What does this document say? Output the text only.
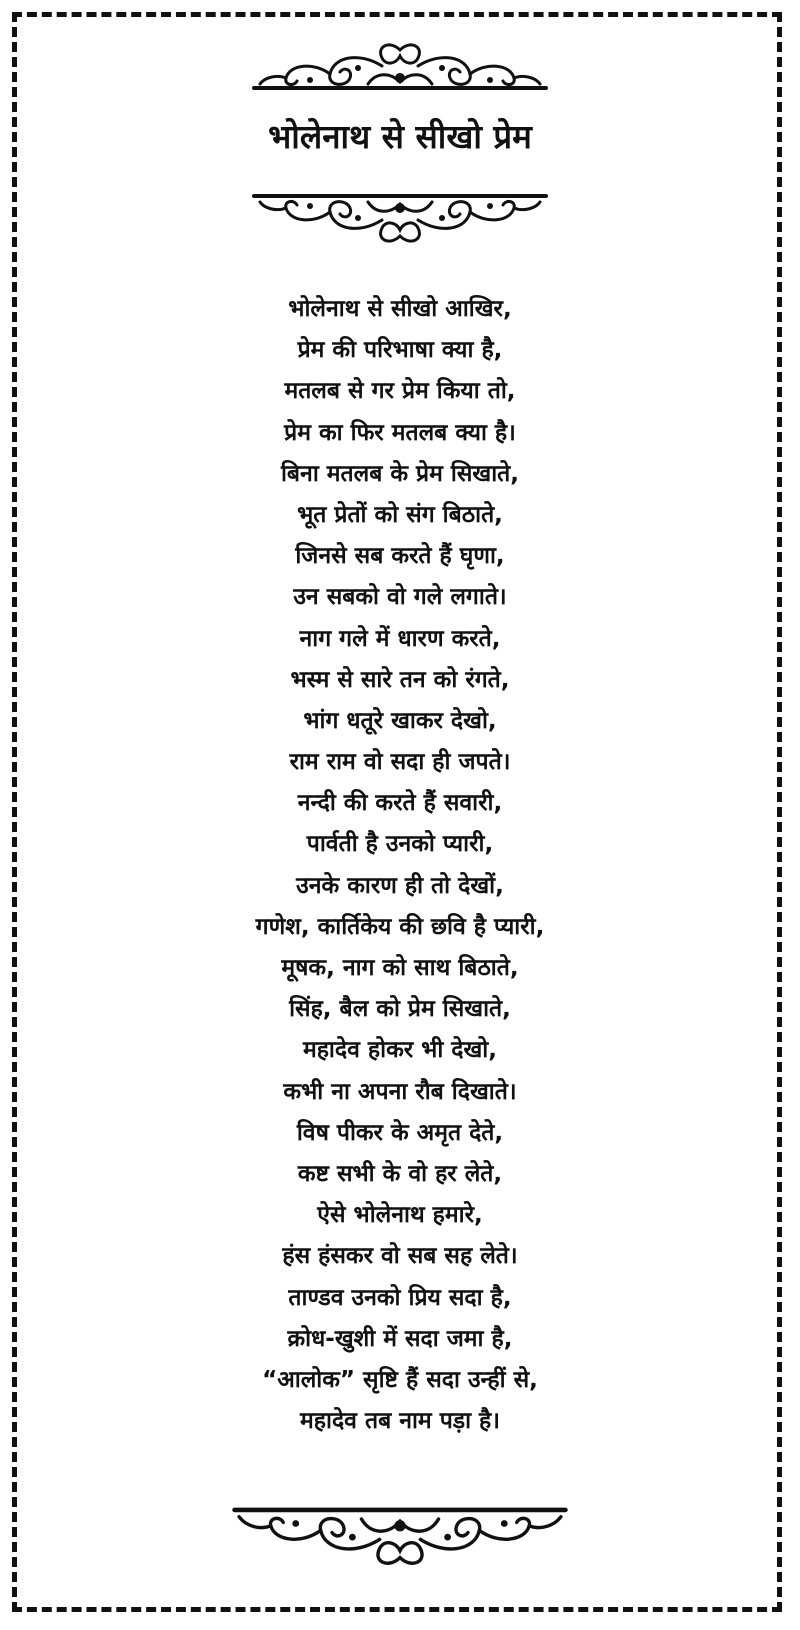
भोलेनाथ से सीखो प्रेम
भोलेनाथ से सीखो आखिर,
प्रेम की परिभाषा क्या है,
मतलब से गर प्रेम किया तो,
प्रेम का फिर मतलब क्या है।
बिना मतलब के प्रेम सिखाते,
भूत प्रेतों को संग बिठाते,
जिनसे सब करते हैं घृणा,
उन सबको वो गले लगाते।
नाग गले में धारण करते,
भस्म से सारे तन को रंगते,
भांग धतूरे खाकर देखो,
राम राम वो सदा ही जपते।
नन्दी की करते हैं सवारी,
पार्वती है उनको प्यारी,
उनके कारण ही तो देखों,
गणेश, कार्तिकेय की छवि है प्यारी,
मूषक, नाग को साथ बिठाते,
सिंह, बैल को प्रेम सिखाते,
महादेव होकर भी देखो,
कभी ना अपना रौब दिखाते।
विष पीकर के अमृत देते,
कष्ट सभी के वो हर लेते,
ऐसे भोलेनाथ हमारे,
हंस हंसकर वो सब सह लेते।
ताण्डव उनको प्रिय सदा है,
क्रोध-खुशी में सदा जमा है,
“आलोक” सृष्टि हैं सदा उन्हीं से,
महादेव तब नाम पड़ा है।
